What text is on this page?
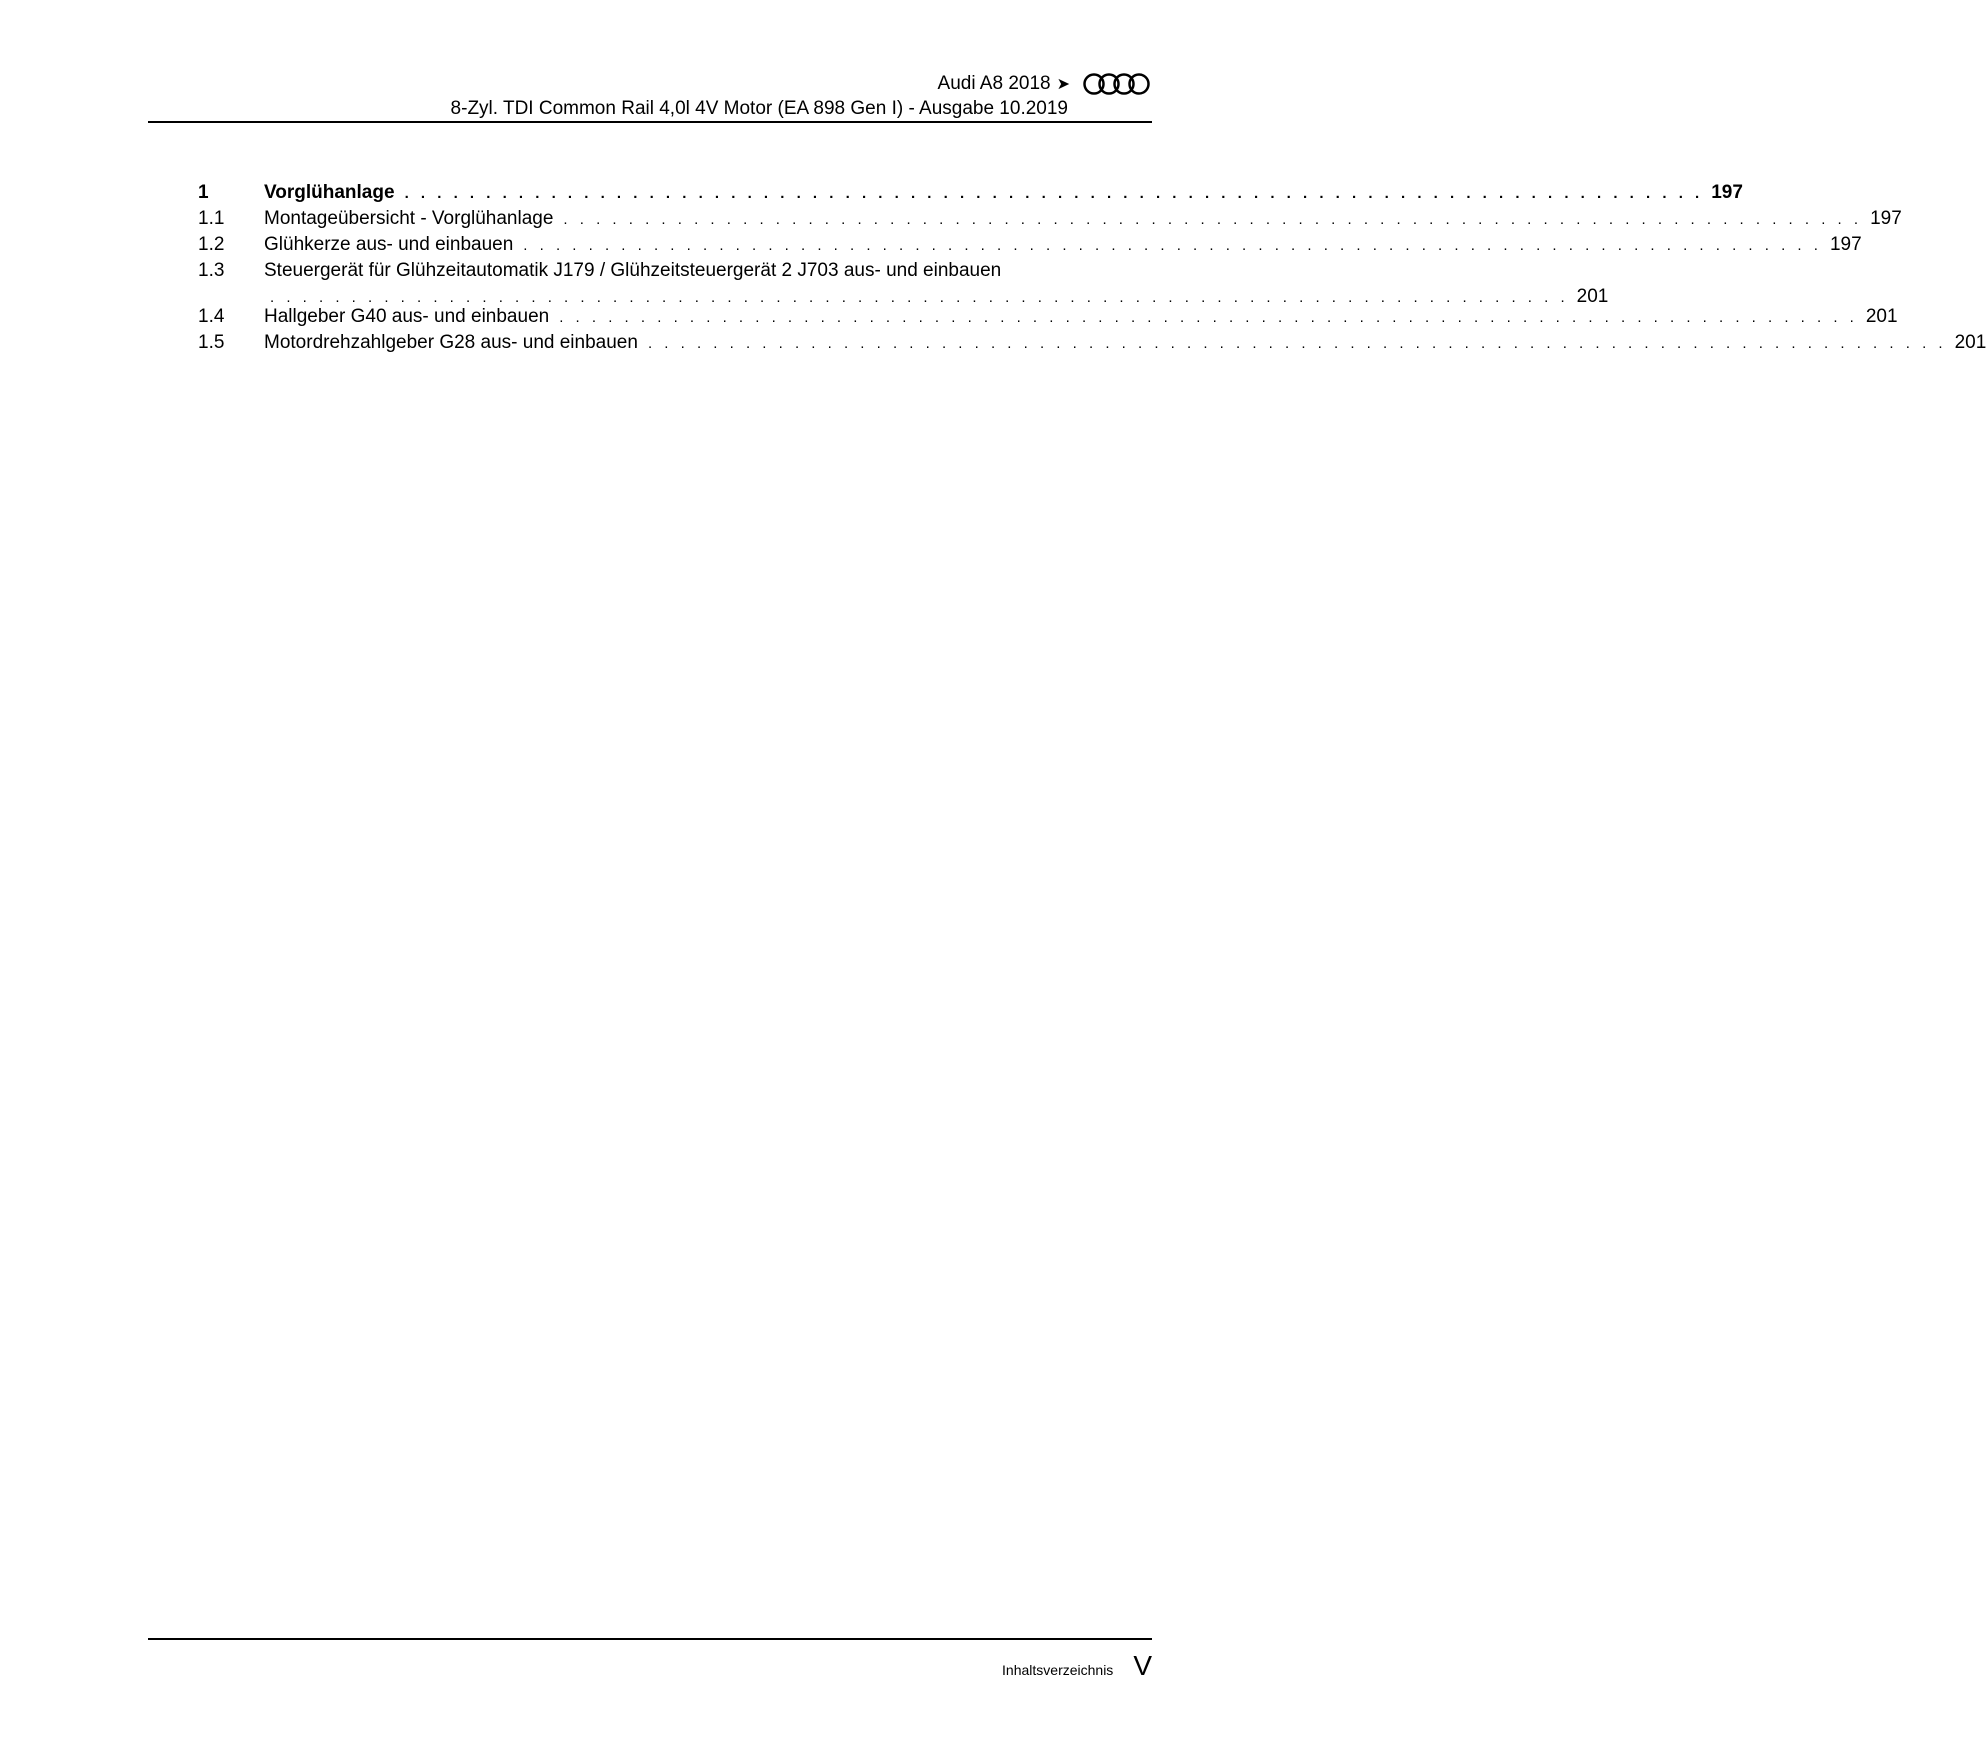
Audi A8 2018 ➤
8-Zyl. TDI Common Rail 4,0l 4V Motor (EA 898 Gen I) - Ausgabe 10.2019
1	Vorglühanlage . . . . . . . . . . . . . . . . . . . . . . . . . . . . . . . . . . . . . . . . . . . . . . . . . . . . . . . . . . . . . . . . . . . . . . . . . . . . . . . . 197
1.1 Montageübersicht - Vorglühanlage . . . . . . . . . . . . . . . . . . . . . . . . . . . . . . . . . . . . . . . . . . . . . . . . . . . . . . . . . . . . . . . . . . . . . . . . . . . . . . . . 197
1.2 Glühkerze aus- und einbauen . . . . . . . . . . . . . . . . . . . . . . . . . . . . . . . . . . . . . . . . . . . . . . . . . . . . . . . . . . . . . . . . . . . . . . . . . . . . . . . . 197
1.3 Steuergerät für Glühzeitautomatik J179 / Glühzeitsteuergerät 2 J703 aus- und einbauen
. . . . . . . . . . . . . . . . . . . . . . . . . . . . . . . . . . . . . . . . . . . . . . . . . . . . . . . . . . . . . . . . . . . . . . . . . . . . . . . . 201
1.4 Hallgeber G40 aus- und einbauen . . . . . . . . . . . . . . . . . . . . . . . . . . . . . . . . . . . . . . . . . . . . . . . . . . . . . . . . . . . . . . . . . . . . . . . . . . . . . . . . 201
1.5 Motordrehzahlgeber G28 aus- und einbauen . . . . . . . . . . . . . . . . . . . . . . . . . . . . . . . . . . . . . . . . . . . . . . . . . . . . . . . . . . . . . . . . . . . . . . . . . . . . . . . . 201
Inhaltsverzeichnis V
